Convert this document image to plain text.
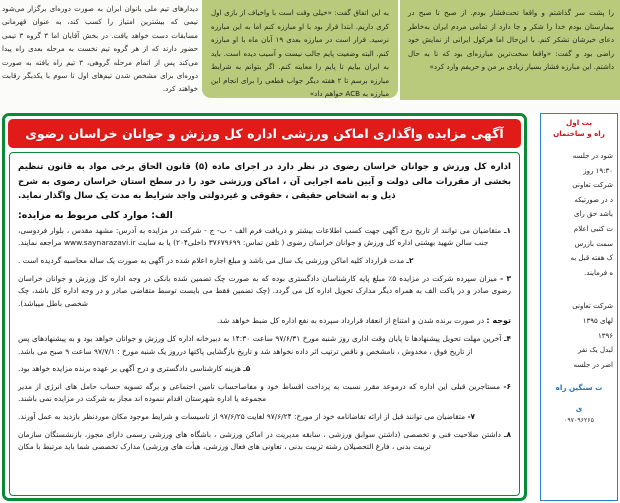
دیدارهای تیم ملی بانوان ایران به صورت دوره‌ای برگزار می‌شود تیمی که بیشترین امتیاز را کسب کند، به عنوان قهرمانی مسابقات دست خواهد یافت. در بخش آقایان اما ۳ گروه ۳ تیمی حضور دارند که از هر گروه تیم نخست به مرحله بعدی راه پیدا می‌کند پس از اتمام مرحله گروهی، ۳ تیم راه یافته به صورت دوره‌ای برای مشخص شدن تیم‌های اول تا سوم با یکدیگر رقابت خواهند کرد.

به این اتفاق گفت: «خیلی وقت است با واخیاف از بازی اول کری داریم. ابتدا قرار بود با او مبارزه کنم اما به این مبارزه نرسید. قرار است در مبارزه بعدی ۱۹ آبان ماه با او مبارزه کنم. البته وضعیت پایم جالب نیست و آسیب دیده است. باید به ایران بیایم تا پایم را معاینه کنم. اگر بتوانم به شرایط مبارزه برسم تا ۲ هفته دیگر جواب قطعی را برای انجام این مبارزه به ACB خواهم داد»

را پشت سر گذاشتم و واقعا تحت‌فشار بودم. از صبح تا صبح در بیمارستان بودم خدا را شکر و جا دارد از تمامی مردم ایران به‌خاطر دعای خیرشان تشکر کنم. با این‌حال اما هرکول ایرانی از نمایش خود راضی بود و گفت: «واقعا سخت‌ترین مبارزه‌ای بود که تا به حال داشتم. این مبارزه فشار بسیار زیادی بر من و حریفم وارد کرد»

آگهی مزایده واگذاری اماکن ورزشی اداره کل ورزش و جوانان خراسان رضوی

اداره کل ورزش و جوانان خراسان رضوی در نظر دارد در اجرای ماده (۵) قانون الحاق برخی مواد به قانون تنظیم بخشی از مقررات مالی دولت و آیین نامه اجرایی آن ، اماکن ورزشی خود را در سطح استان خراسان رضوی به شرح ذیل و به اشخاص حقیقی ، حقوقی و غیردولتی واجد شرایط به مدت یک سال واگذار نماید.

الف: موارد کلی مربوط به مزایده:

۱ـ متقاضیان می توانند از تاریخ درج آگهی جهت کسب اطلاعات بیشتر و دریافت فرم الف - ب- ج - شرکت در مزایده به آدرس: مشهد مقدس ، بلوار فردوسی، جنب سالن شهید بهشتی اداره کل ورزش و جوانان خراسان رضوی ( تلفن تماس: ۳۷۶۷۹۶۹۹ داخلی۲۰۴) یا به سایت www.saynarazavi.ir مراجعه نمایند.

۲ـ مدت قرارداد کلیه اماکن ورزشی یک سال می باشد و مبلغ اجاره اعلام شده در آگهی به صورت یک ساله محاسبه گردیده است .

۳ - میزان سپرده شرکت در مزایده ۵٪ مبلغ پایه کارشناسان دادگستری بوده که به صورت چک تضمین شده بانکی در وجه اداره کل ورزش و جوانان خراسان رضوی صادر و در پاکت الف به همراه دیگر مدارک تحویل اداره کل می گردد. (چک تضمین فقط می بایست توسط متقاضی صادر و در وجه اداره کل باشد، چک شخصی باطل میباشد).

توجه : در صورت برنده شدن و امتناع از انعقاد قرارداد سپرده به نفع اداره کل ضبط خواهد شد.

۴ـ آخرین مهلت تحویل پیشنهادها تا پایان وقت اداری روز شنبه مورخ ۹۷/۶/۳۱ ساعت ۱۴:۳۰ به دبیرخانه اداره کل ورزش و جوانان خواهد بود و به پیشنهادهای پس از تاریخ فوق ، مخدوش ، نامشخص و ناقص ترتیب اثر داده نخواهد شد و تاریخ بازگشایی پاکتها درروز یک شنبه مورخ : ۹۷/۷/۱ ساعت ۹ صبح می باشد.

۵ـ هزینه کارشناسی دادگستری و درج آگهی بر عهده برنده مزایده خواهد بود.

۶- مستاجرین قبلی این اداره که درموعد مقرر نسبت به پرداخت اقساط خود و مفاصاحساب تامین اجتماعی و برگه تسویه حساب حامل های انرژی از مدیر مجموعه یا اداره شهرستان اقدام ننموده اند مجاز به شرکت در مزایده نمی باشند.

۷- متقاضیان می توانند قبل از ارائه تقاضانامه خود از مورخ: ۹۷/۶/۲۴ لغایت ۹۷/۶/۲۵ از تاسیسات و شرایط موجود مکان موردنظر بازدید به عمل آورند.

۸ـ داشتن صلاحیت فنی و تخصصی (داشتن سوابق ورزشی ، سابقه مدیریت در اماکن ورزشی ، باشگاه های ورزشی رسمی دارای مجوز، بازنشستگان سازمان تربیت بدنی ، فارغ التحصیلان رشته تربیت بدنی ، تعاونی های فعال ورزشی، هیأت های ورزشی) مدارک تخصصی شما باید مرتبط با مکان

بت اول
راه و ساختمان
شود در جلسه
۱۹:۳۰ روز
شرکت تعاونی
د در صورتیکه
باشد حق رای
ت کتبی اعلام
سمت بازرس
ک هفته قبل به
ه فرمایند.
شرکت تعاونی
لهای ۱۳۹۵
۱۳۹۶
لبدل یک نفر
اضر در جلسه
ت سنگین راه
ی
۰۹۷۰۹۶۲۶۵
